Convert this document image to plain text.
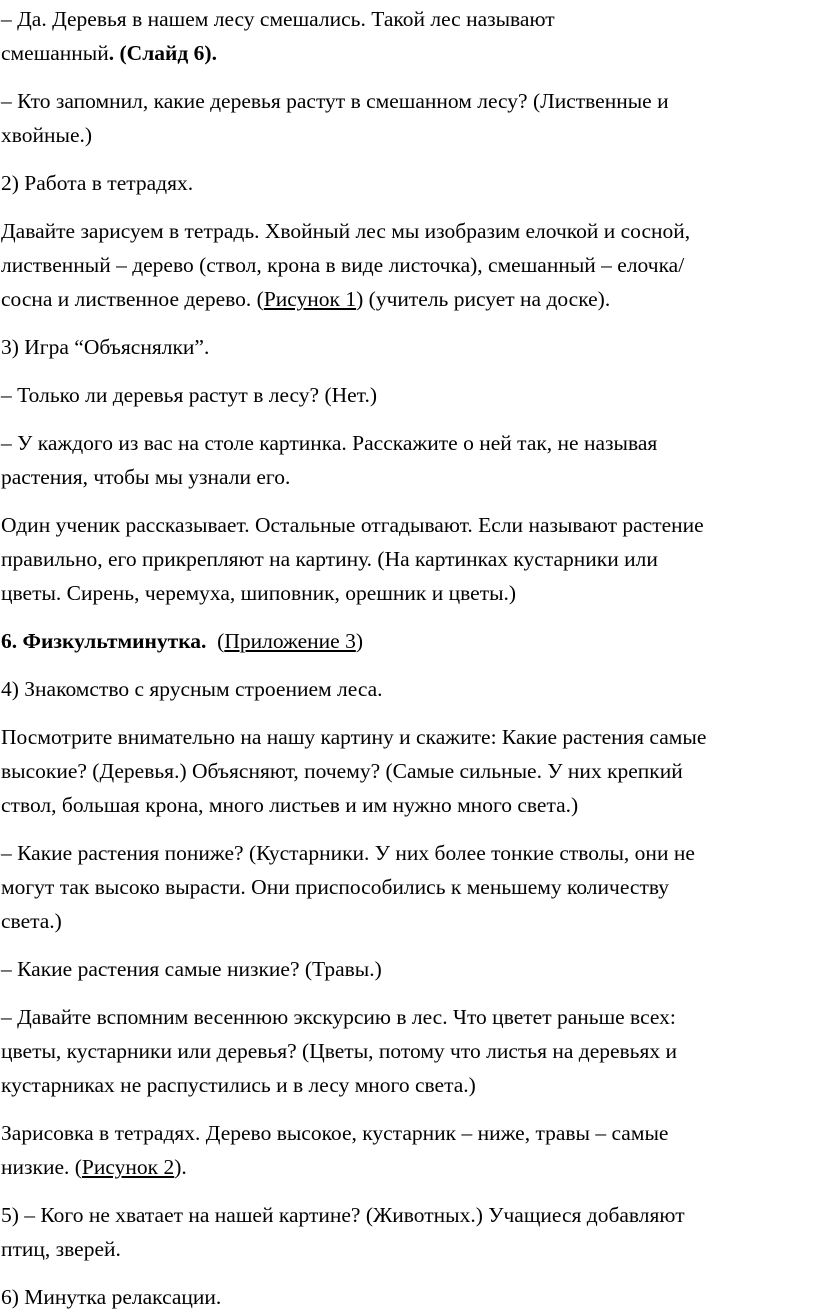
– Да. Деревья в нашем лесу смешались. Такой лес называют
смешанный. (Слайд 6).
– Кто запомнил, какие деревья растут в смешанном лесу? (Лиственные и
хвойные.)
2) Работа в тетрадях.
Давайте зарисуем в тетрадь. Хвойный лес мы изобразим елочкой и сосной,
лиственный – дерево (ствол, крона в виде листочка), смешанный – елочка/
сосна и лиственное дерево. (Рисунок 1) (учитель рисует на доске).
3) Игра “Объяснялки”.
– Только ли деревья растут в лесу? (Нет.)
– У каждого из вас на столе картинка. Расскажите о ней так, не называя
растения, чтобы мы узнали его.
Один ученик рассказывает. Остальные отгадывают. Если называют растение
правильно, его прикрепляют на картину. (На картинках кустарники или
цветы. Сирень, черемуха, шиповник, орешник и цветы.)
6. Физкультминутка.  (Приложение 3)
4) Знакомство с ярусным строением леса.
Посмотрите внимательно на нашу картину и скажите: Какие растения самые
высокие? (Деревья.) Объясняют, почему? (Самые сильные. У них крепкий
ствол, большая крона, много листьев и им нужно много света.)
– Какие растения пониже? (Кустарники. У них более тонкие стволы, они не
могут так высоко вырасти. Они приспособились к меньшему количеству
света.)
– Какие растения самые низкие? (Травы.)
– Давайте вспомним весеннюю экскурсию в лес. Что цветет раньше всех:
цветы, кустарники или деревья? (Цветы, потому что листья на деревьях и
кустарниках не распустились и в лесу много света.)
Зарисовка в тетрадях. Дерево высокое, кустарник – ниже, травы – самые
низкие. (Рисунок 2).
5) – Кого не хватает на нашей картине? (Животных.) Учащиеся добавляют
птиц, зверей.
6) Минутка релаксации.
